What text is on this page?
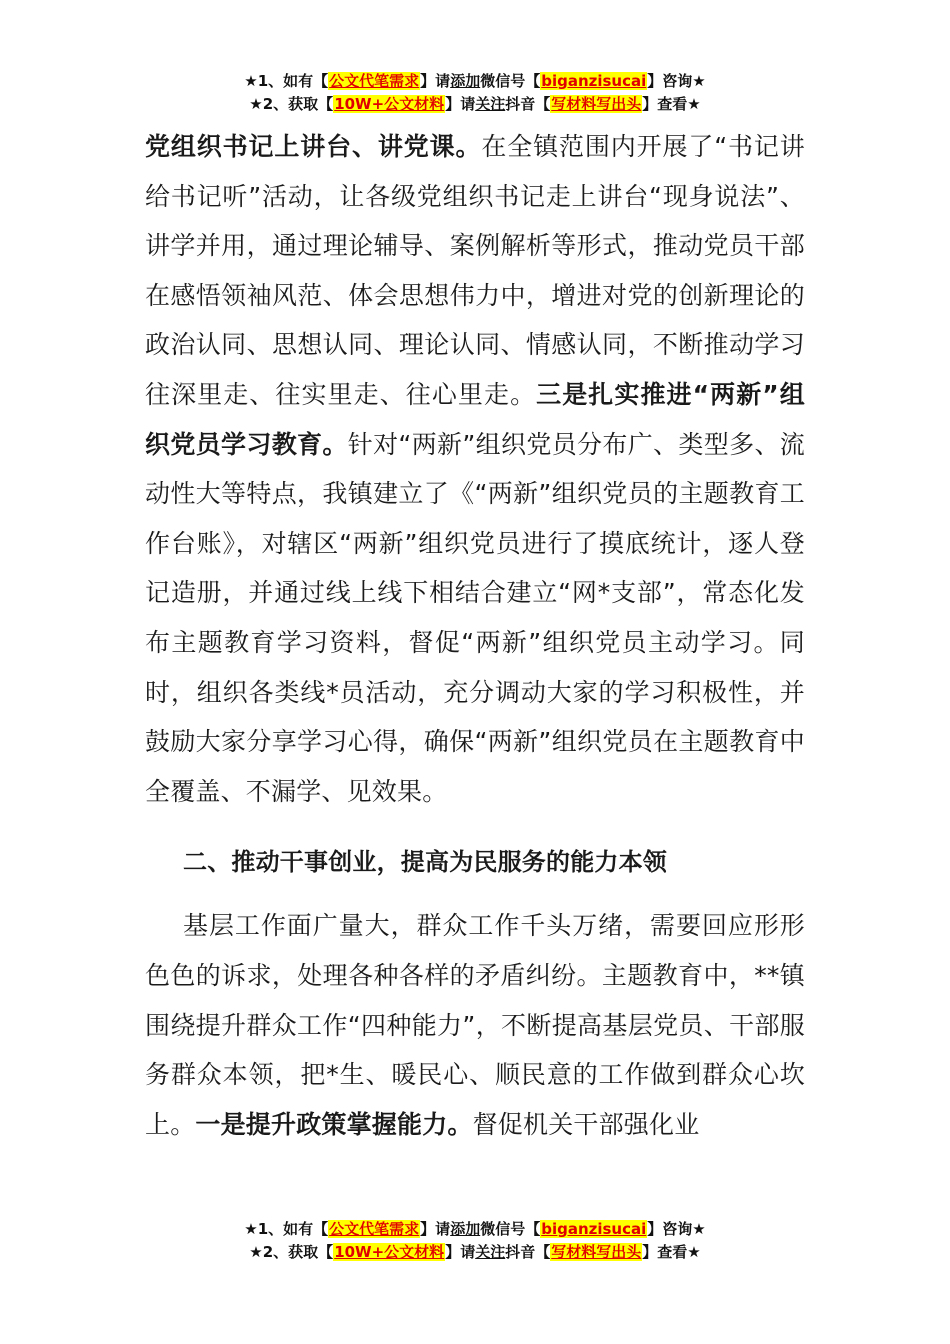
★1、如有【公文代笔需求】请添加微信号【biganzisucai】咨询★
★2、获取【10W+公文材料】请关注抖音【写材料写出头】查看★

党组织书记上讲台、讲党课。在全镇范围内开展了“书记讲给书记听”活动，让各级党组织书记走上讲台“现身说法”、讲学并用，通过理论辅导、案例解析等形式，推动党员干部在感悟领袖风范、体会思想伟力中，增进对党的创新理论的政治认同、思想认同、理论认同、情感认同，不断推动学习往深里走、往实里走、往心里走。三是扎实推进“两新”组织党员学习教育。针对“两新”组织党员分布广、类型多、流动性大等特点，我镇建立了《“两新”组织党员的主题教育工作台账》，对辖区“两新”组织党员进行了摸底统计，逐人登记造册，并通过线上线下相结合建立“网*支部”，常态化发布主题教育学习资料，督促“两新”组织党员主动学习。同时，组织各类线*员活动，充分调动大家的学习积极性，并鼓励大家分享学习心得，确保“两新”组织党员在主题教育中全覆盖、不漏学、见效果。

二、推动干事创业，提高为民服务的能力本领

基层工作面广量大，群众工作千头万绪，需要回应形形色色的诉求，处理各种各样的矛盾纠纷。主题教育中，**镇围绕提升群众工作“四种能力”，不断提高基层党员、干部服务群众本领，把*生、暖民心、顺民意的工作做到群众心坎上。一是提升政策掌握能力。督促机关干部强化业

★1、如有【公文代笔需求】请添加微信号【biganzisucai】咨询★
★2、获取【10W+公文材料】请关注抖音【写材料写出头】查看★
